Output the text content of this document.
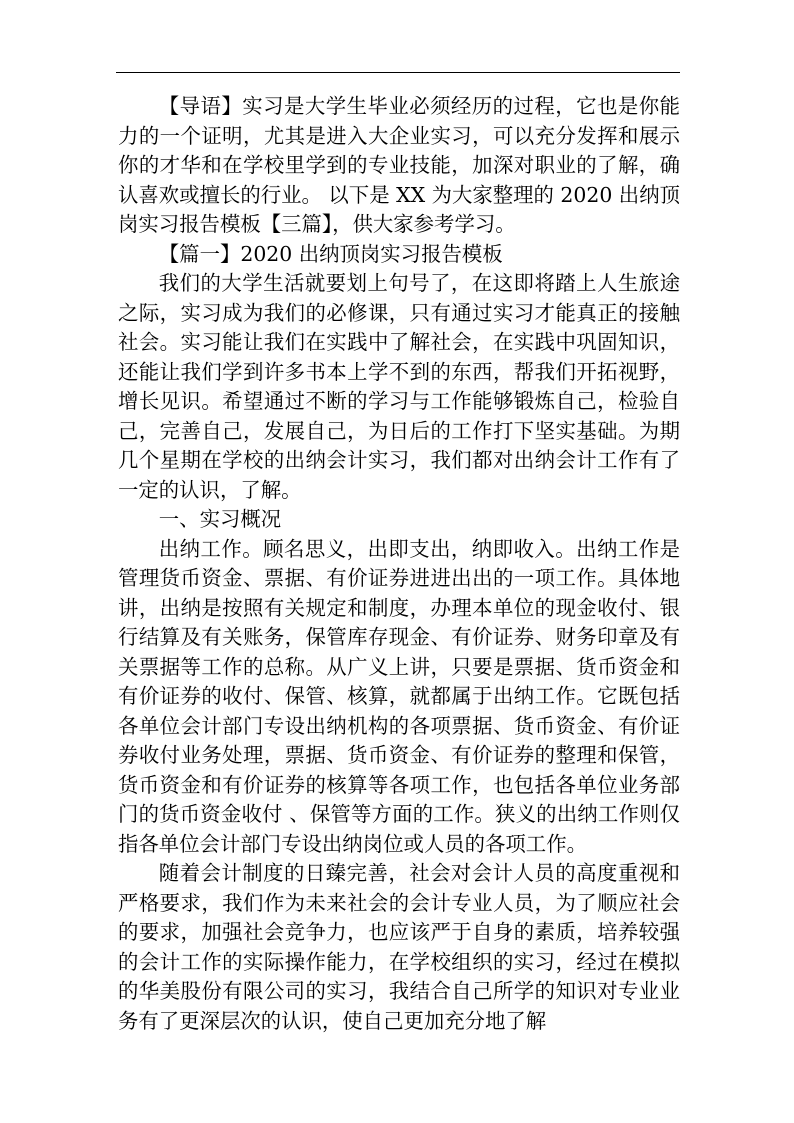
【导语】实习是大学生毕业必须经历的过程，它也是你能力的一个证明，尤其是进入大企业实习，可以充分发挥和展示你的才华和在学校里学到的专业技能，加深对职业的了解，确认喜欢或擅长的行业。 以下是 XX 为大家整理的 2020 出纳顶岗实习报告模板【三篇】，供大家参考学习。

【篇一】2020 出纳顶岗实习报告模板

我们的大学生活就要划上句号了，在这即将踏上人生旅途之际，实习成为我们的必修课，只有通过实习才能真正的接触社会。实习能让我们在实践中了解社会，在实践中巩固知识，还能让我们学到许多书本上学不到的东西，帮我们开拓视野，增长见识。希望通过不断的学习与工作能够锻炼自己，检验自己，完善自己，发展自己，为日后的工作打下坚实基础。为期几个星期在学校的出纳会计实习，我们都对出纳会计工作有了一定的认识，了解。

一、实习概况

出纳工作。顾名思义，出即支出，纳即收入。出纳工作是管理货币资金、票据、有价证券进进出出的一项工作。具体地讲，出纳是按照有关规定和制度，办理本单位的现金收付、银行结算及有关账务，保管库存现金、有价证券、财务印章及有关票据等工作的总称。从广义上讲，只要是票据、货币资金和有价证券的收付、保管、核算，就都属于出纳工作。它既包括各单位会计部门专设出纳机构的各项票据、货币资金、有价证券收付业务处理，票据、货币资金、有价证券的整理和保管，货币资金和有价证券的核算等各项工作，也包括各单位业务部门的货币资金收付 、保管等方面的工作。狭义的出纳工作则仅指各单位会计部门专设出纳岗位或人员的各项工作。

随着会计制度的日臻完善，社会对会计人员的高度重视和严格要求，我们作为未来社会的会计专业人员，为了顺应社会的要求，加强社会竞争力，也应该严于自身的素质，培养较强的会计工作的实际操作能力，在学校组织的实习，经过在模拟的华美股份有限公司的实习，我结合自己所学的知识对专业业务有了更深层次的认识，使自己更加充分地了解
